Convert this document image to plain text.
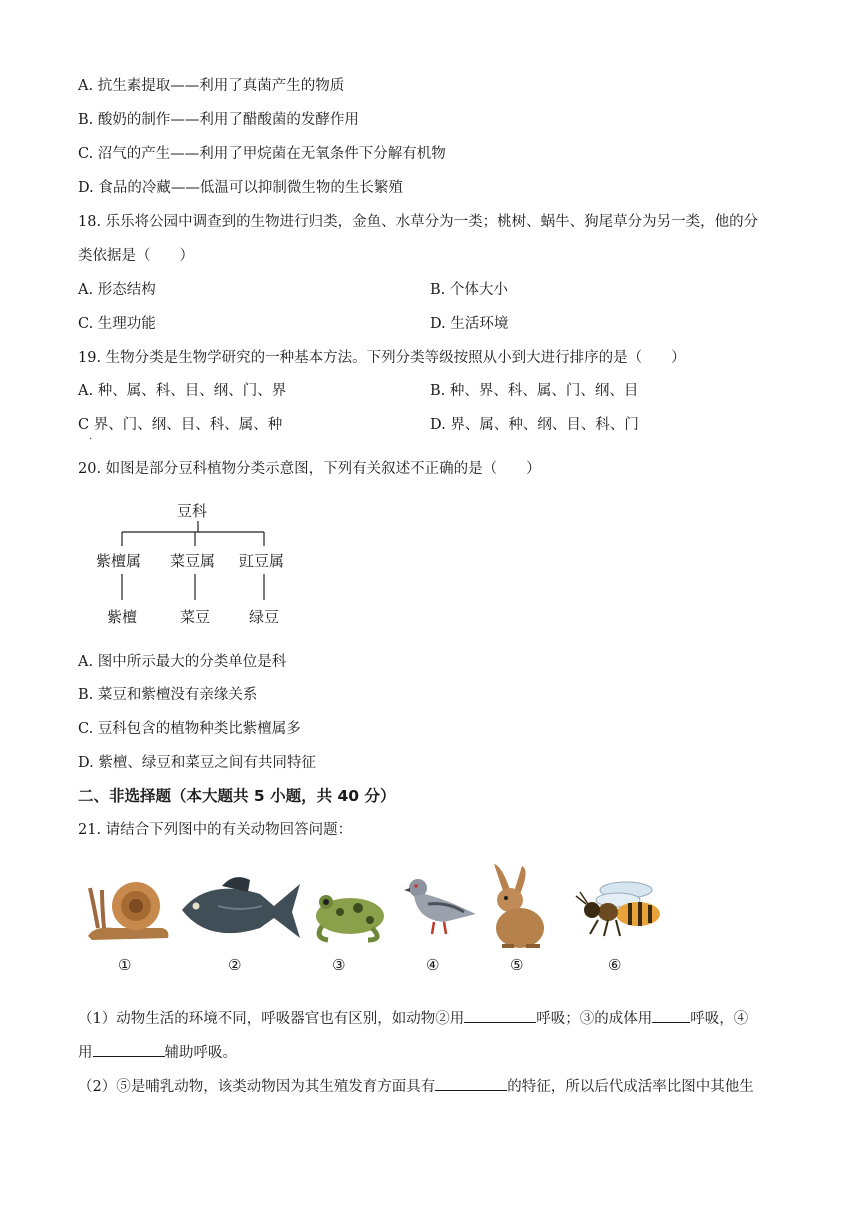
A. 抗生素提取——利用了真菌产生的物质
B. 酸奶的制作——利用了醋酸菌的发酵作用
C. 沼气的产生——利用了甲烷菌在无氧条件下分解有机物
D. 食品的冷藏——低温可以抑制微生物的生长繁殖
18. 乐乐将公园中调查到的生物进行归类，金鱼、水草分为一类；桃树、蜗牛、狗尾草分为另一类，他的分
类依据是（　　）
A. 形态结构	B. 个体大小
C. 生理功能	D. 生活环境
19. 生物分类是生物学研究的一种基本方法。下列分类等级按照从小到大进行排序的是（　　）
A. 种、属、科、目、纲、门、界	B. 种、界、科、属、门、纲、目
C 界、门、纲、目、科、属、种	D. 界、属、种、纲、目、科、门
.
20. 如图是部分豆科植物分类示意图，下列有关叙述不正确的是（　　）
豆科
紫檀属 菜豆属 豇豆属
紫檀	菜豆	绿豆
A. 图中所示最大的分类单位是科
B. 菜豆和紫檀没有亲缘关系
C. 豆科包含的植物种类比紫檀属多
D. 紫檀、绿豆和菜豆之间有共同特征
二、非选择题（本大题共 5 小题，共 40 分）
21. 请结合下列图中的有关动物回答问题：
①	②	③	④	⑤	⑥
（1）动物生活的环境不同，呼吸器官也有区别，如动物②用	呼吸；③的成体用	呼吸，④
用	辅助呼吸。
（2）⑤是哺乳动物，该类动物因为其生殖发育方面具有	的特征，所以后代成活率比图中其他生
